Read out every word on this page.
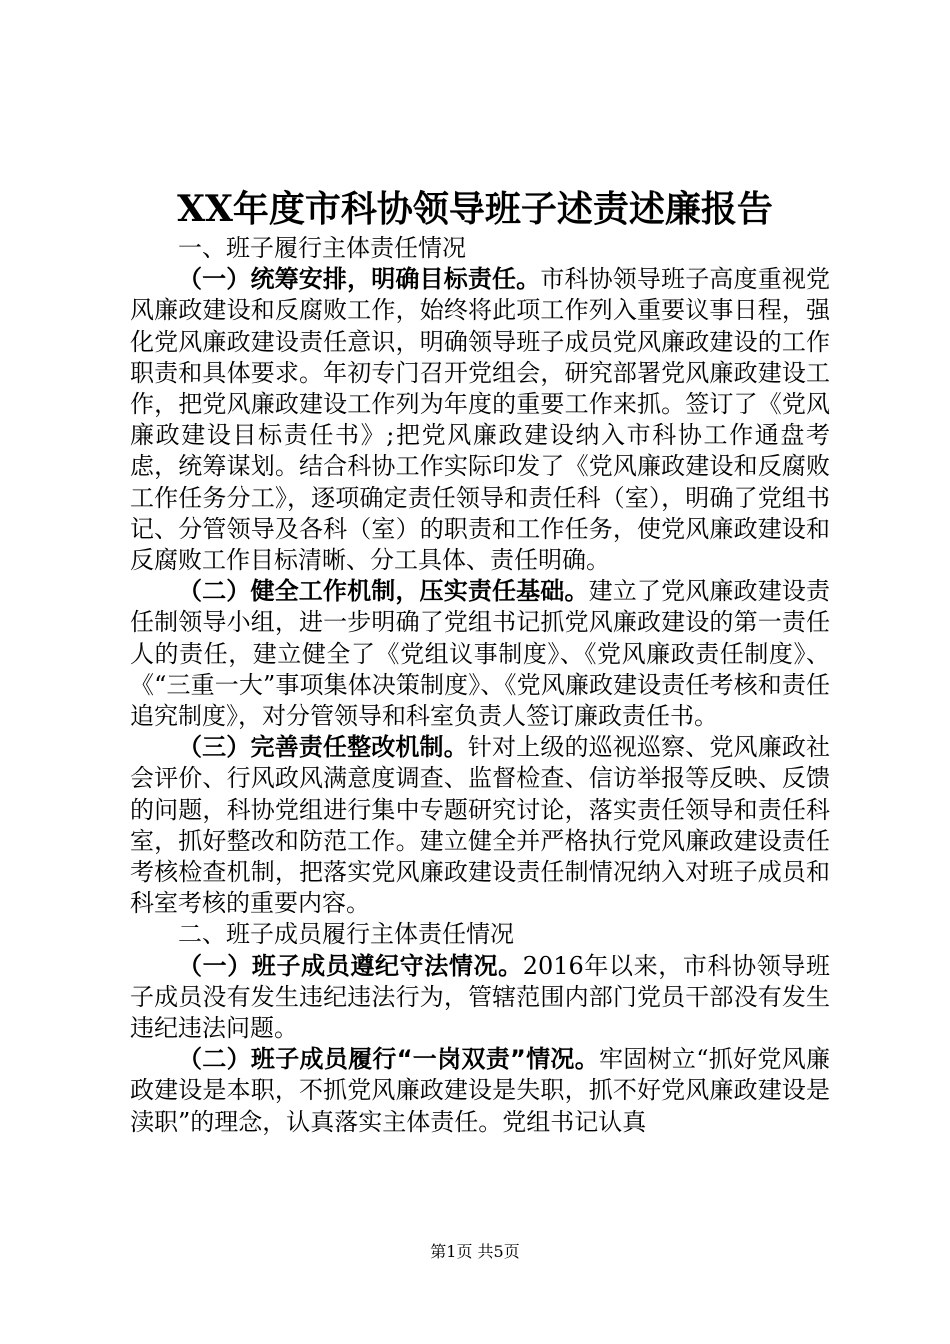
XX年度市科协领导班子述责述廉报告

一、班子履行主体责任情况

（一）统筹安排，明确目标责任。市科协领导班子高度重视党风廉政建设和反腐败工作，始终将此项工作列入重要议事日程，强化党风廉政建设责任意识，明确领导班子成员党风廉政建设的工作职责和具体要求。年初专门召开党组会，研究部署党风廉政建设工作，把党风廉政建设工作列为年度的重要工作来抓。签订了《党风廉政建设目标责任书》;把党风廉政建设纳入市科协工作通盘考虑，统筹谋划。结合科协工作实际印发了《党风廉政建设和反腐败工作任务分工》，逐项确定责任领导和责任科（室），明确了党组书记、分管领导及各科（室）的职责和工作任务，使党风廉政建设和反腐败工作目标清晰、分工具体、责任明确。

（二）健全工作机制，压实责任基础。建立了党风廉政建设责任制领导小组，进一步明确了党组书记抓党风廉政建设的第一责任人的责任，建立健全了《党组议事制度》、《党风廉政责任制度》、《“三重一大”事项集体决策制度》、《党风廉政建设责任考核和责任追究制度》，对分管领导和科室负责人签订廉政责任书。

（三）完善责任整改机制。针对上级的巡视巡察、党风廉政社会评价、行风政风满意度调查、监督检查、信访举报等反映、反馈的问题，科协党组进行集中专题研究讨论，落实责任领导和责任科室，抓好整改和防范工作。建立健全并严格执行党风廉政建设责任考核检查机制，把落实党风廉政建设责任制情况纳入对班子成员和科室考核的重要内容。

二、班子成员履行主体责任情况

（一）班子成员遵纪守法情况。2016年以来，市科协领导班子成员没有发生违纪违法行为，管辖范围内部门党员干部没有发生违纪违法问题。

（二）班子成员履行“一岗双责”情况。牢固树立“抓好党风廉政建设是本职，不抓党风廉政建设是失职，抓不好党风廉政建设是渎职”的理念，认真落实主体责任。党组书记认真

第1页 共5页
